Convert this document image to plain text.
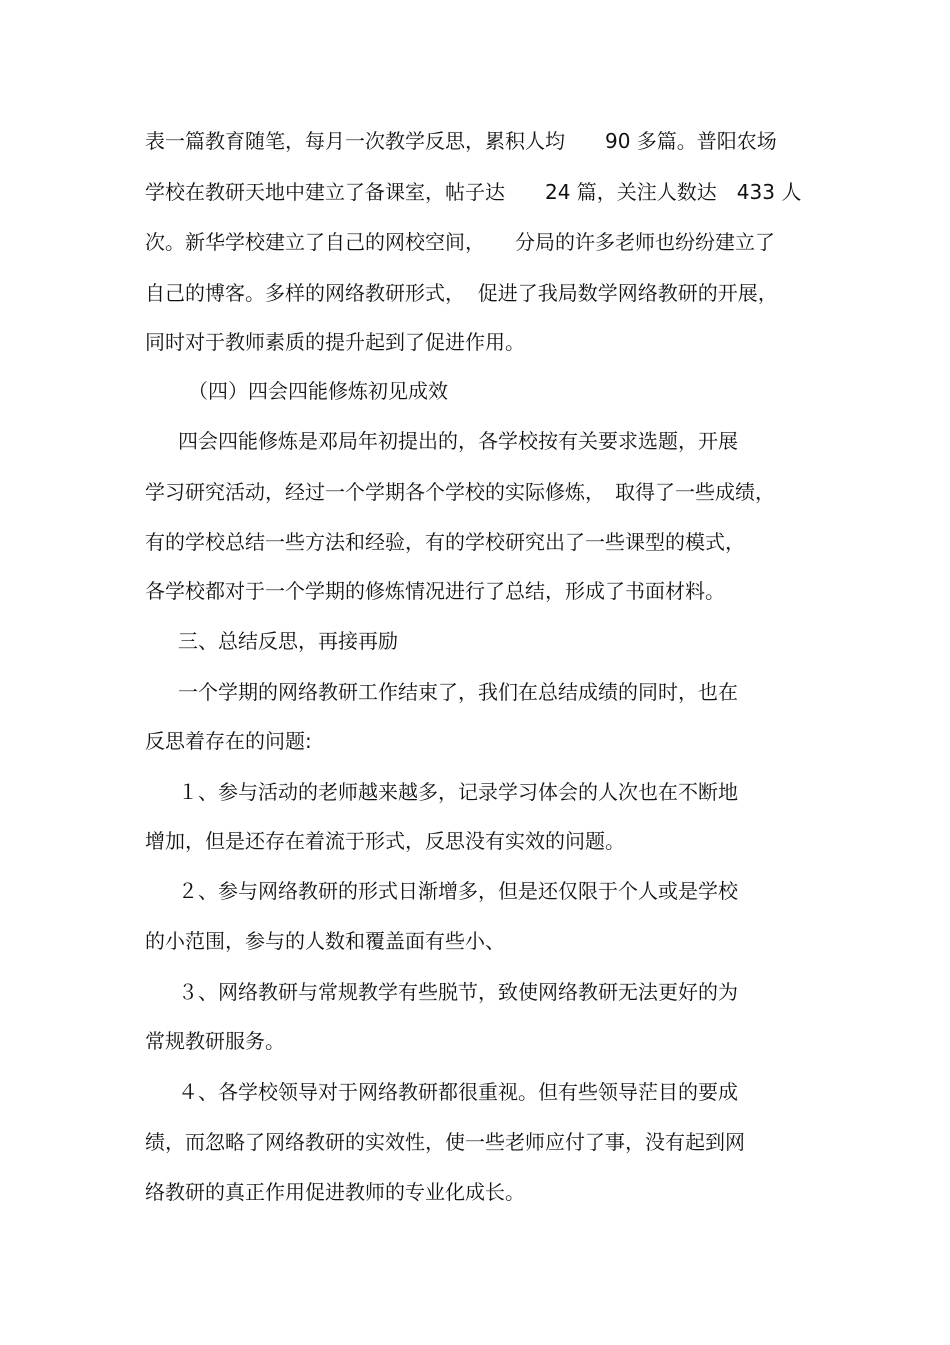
表一篇教育随笔，每月一次教学反思，累积人均　　90 多篇。普阳农场

学校在教研天地中建立了备课室，帖子达　　24 篇，关注人数达　433 人

次。新华学校建立了自己的网校空间，　　分局的许多老师也纷纷建立了

自己的博客。多样的网络教研形式，  促进了我局数学网络教研的开展，

同时对于教师素质的提升起到了促进作用。

（四）四会四能修炼初见成效

四会四能修炼是邓局年初提出的，各学校按有关要求选题，开展

学习研究活动，经过一个学期各个学校的实际修炼，　取得了一些成绩，

有的学校总结一些方法和经验，有的学校研究出了一些课型的模式，

各学校都对于一个学期的修炼情况进行了总结，形成了书面材料。

三、总结反思，再接再励

一个学期的网络教研工作结束了，我们在总结成绩的同时，也在

反思着存在的问题:

１、参与活动的老师越来越多，记录学习体会的人次也在不断地

增加，但是还存在着流于形式，反思没有实效的问题。

２、参与网络教研的形式日渐增多，但是还仅限于个人或是学校

的小范围，参与的人数和覆盖面有些小、

３、网络教研与常规教学有些脱节，致使网络教研无法更好的为

常规教研服务。

４、各学校领导对于网络教研都很重视。但有些领导茫目的要成

绩，而忽略了网络教研的实效性，使一些老师应付了事，没有起到网

络教研的真正作用促进教师的专业化成长。
